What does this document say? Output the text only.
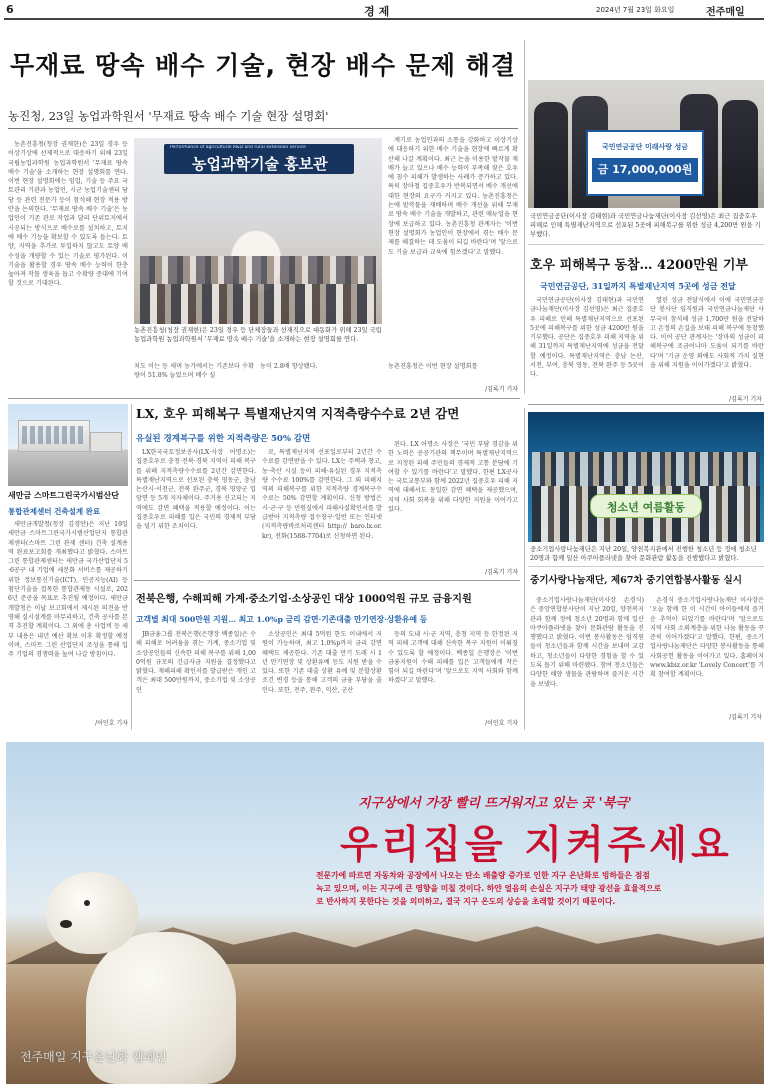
6	경제	2024년 7월 23일 화요일	전주매일
무재료 땅속 배수 기술, 현장 배수 문제 해결
농진청, 23일 농업과학원서 '무재료 땅속 배수 기술 현장 설명회'

농촌진흥청(청장 권재한)은 23일 경우 등 이상기상에 선제적으로 대응하기 위해 23일 국립농업과학원 농업과학원서 '무재료 땅속 배수 기술'을 소개하는 현장 설명회를 연다. 이번 현장 설명회에는 임업, 기술 등 주요 국토관리 기관과 농업인, 시군 농업기술센터 담당 등 관련 전문가 등이 참석해 현장 적용 방안을 논의한다. '무재료 땅속 배수 기술'은 농업인이 기존 관로 작업과 달리 단위토지에서 시공되는 방식으로 배수로를 설치하고, 토지에 배수 기능을 확보할 수 있도록 돕는다. 토양, 지역을 추가로 투입하지 않고도 토양 배수성을 개량할 수 있는 기술로 평가된다. 이 기술을 활용할 경우 땅속 배수 능력이 한층 높아져 작물 생육을 돕고 수확량 증대에 기여할 것으로 기대된다.

Performance of agricultural R&D and rural extension service
농업과학기술 홍보관
농촌진흥청(청장 권재한)은 23일 경우 등 단체장들과 선재직으로 대동화가 위해 23일 국립농업과학원 농업과학원서 '무재료 땅속 배수 기술'을 소개하는 현장 설명회를 연다.

계기로 농업인과의 소통을 강화하고 이상기상에 대응하기 위한 배수 기술을 현장에 빠르게 확산해 나갈 계획이다. 최근 논을 이용한 밭작물 재배가 늘고 있으나 배수 능력이 부족해 잦은 호우에 침수 피해가 발생하는 사례가 증가하고 있다. 특히 장마철 집중호우가 반복되면서 배수 개선에 대한 현장의 요구가 커지고 있다. 농촌진흥청은 논에 밭작물을 재배하며 배수 개선을 위해 무재료 땅속 배수 기술을 개발하고, 관련 매뉴얼을 현장에 보급하고 있다. 농촌진흥청 관계자는 '이번 현장 설명회가 농업인이 현장에서 겪는 배수 문제를 해결하는 데 도움이 되길 바란다'며 '앞으로도 기술 보급과 교육에 힘쓰겠다'고 말했다.

치도 이는 등 새며 농가에서는 기존보다 수확량이 51.8% 늘었으며 배수 실
농이 2.8배 향상됐다.	농촌진흥청은 이번 현장 설명회를
/김록기 기자
국민연금공단 미래사랑 성금
금 17,000,000원
국민연금공단(이사장 김태현)과 국민연금나눔재단(이사장 김선영)은 최근 집중호우 피해로 인해 특별재난지역으로 선포된 5곳에 피해복구를 위한 성금 4,200만 원을 기부했다.
호우 피해복구 동참… 4200만원 기부
국민연금공단, 31일까지 특별재난지역 5곳에 성금 전달

국민연금공단(이사장 김태현)과 국민연금나눔재단(이사장 김선영)은 최근 집중호우 피해로 인해 특별재난지역으로 선포된 5곳에 피해복구를 위한 성금 4200만 원을 기부했다. 공단은 집중호우 피해 지역을 위해 31일까지 특별재난지역에 성금을 전달할 예정이다. 특별재난지역은 충남 논산, 서천, 부여, 충북 영동, 전북 완주 등 5곳이다.

열린 성금 전달식에서 이에 국민연금공단 봉사단 임직원과 국민연금나눔재단 사무국이 참석해 성금 1,700만 원을 전달하고 온정의 손길을 보태 피해 복구에 동참했다. 이어 공단 관계자는 '장마의 성금이 피해복구에 조금이나마 도움이 되기를 바란다'며 '기금 운영 외에도 사회적 가치 실현을 위해 지원을 이어가겠다'고 밝혔다.

/김록기 기자
LX, 호우 피해복구 특별재난지역 지적측량수수료 2년 감면
유실된 경계복구를 위한 지적측량은 50% 감면

LX한국국토정보공사(LX·사장 어명소)는 집중호우로 충청·전북·경북 지역이 피해 복구를 위해 지적측량수수료를 2년간 감면한다. 특별재난지역으로 선포된 충북 영동군, 충남 논산시·서천군, 전북 완주군, 경북 영양군 입암면 등 5개 지자체이다. 주거용 신고되는 지역에도 감면 혜택을 적용할 예정이다. 이는 집중호우로 피해를 입은 국민의 경제적 부담을 덜기 위한 조치이다.

로, 특별재난지역 선포일로부터 2년간 수수료를 감면받을 수 있다. LX는 주택과 창고, 농·축산 시설 등이 피해·유실된 경우 지적측량 수수료 100%를 감면한다. 그 외 피해지역의 피해복구를 위한 지적측량 경계복구수수료는 50% 감면할 계획이다. 신청 방법은 시·군·구 등 민원실에서 피해사실확인서를 발급받아 지적측량 접수창구·일반 또는 인터넷(지적측량바로처리센터 http:// baro.lx.or.kr), 전화(1588-7704)로 신청하면 된다.

된다. LX 어명소 사장은 '국민 부담 경감을 위한 노력은 공공기관의 책무이며 특별재난지역으로 지정된 피해 주민들의 경제적 고통 분담에 기여할 수 있기를 바란다'고 말했다. 한편 LX공사는 국토교통부와 함께 2022년 집중호우 피해 지역에 대해서도 동일한 감면 혜택을 제공했으며, 지역 사회 회복을 위해 다양한 지원을 이어가고 있다.

/김록기 기자
새만금 스마트그린국가시범산단
통합관제센터 건축설계 완료

새만금개발청(청장 김경안)은 지난 19일 새만금 스마트그린국가시범산업단지 통합관제센터(스마트 그린 관제 센터) 건축 설계용역 완료보고회를 개최했다고 밝혔다. 스마트그린 통합관제센터는 새만금 국가산업단지 5·6공구 내 기업에 세분화 서비스를 제공하기 위한 정보통신기술(ICT), 인공지능(AI) 등 첨단기술을 접목한 통합관제동 시설로, 2026년 준공을 목표로 추진될 예정이다. 새만금개발청은 이날 보고회에서 제시된 의견을 반영해 실시설계를 마무리하고, 건축 공사를 본격 추진할 계획이다. 그 외에 총 사업비 등 세부 내용은 내년 예산 확보 이후 확정할 예정이며, 스마트 그린 산업단지 조성을 통해 입주 기업의 경쟁력을 높여 나갈 방침이다.

/이민호 기자
전북은행, 수해피해 가계·중소기업·소상공인 대상 1000억원 규모 금융지원
고객별 최대 500만원 지원… 최고 1.0%p 금리 감면·기존대출 만기연장·상환유예 등

JB금융그룹 전북은행(은행장 백종일)은 수해 피해로 어려움을 겪는 가계, 중소기업 및 소상공인들의 신속한 피해 복구를 위해 1,000억원 규모의 긴급자금 지원을 결정했다고 밝혔다. 재해피해 확인서를 발급받은 개인 고객은 최대 500만원까지, 중소기업 및 소상공인

소상공인은 최대 5억원 한도 이내에서 지원이 가능하며, 최고 1.0%p까지 금리 감면 혜택도 제공한다. 기존 대출 만기 도래 시 1년 만기연장 및 상환유예 등도 지원 받을 수 있다. 또한 기존 대출 상환 유예 및 분할상환 조건 변경 등을 통해 고객의 금융 부담을 줄인다. 또한, 전주, 완주, 익산, 군산

등의 도내 시·군 지역, 충청 지역 등 한정된 지역 피해 고객에 대해 신속한 복구 지원이 이뤄질 수 있도록 할 예정이다. 백종일 은행장은 '이번 금융지원이 수해 피해를 입은 고객들에게 작은 힘이 되길 바란다'며 '앞으로도 지역 사회와 함께 하겠다'고 말했다.

/이민호 기자
청소년 여름활동
중소기업사랑나눔재단은 지난 20일, 양천복지관에서 진행한 청소년 등 정에 청소년 20명과 함께 일산 아쿠아플라넷을 찾아 문화관람 활동을 진행했다고 밝혔다.
중기사랑나눔재단, 제67차 중기연합봉사활동 실시

중소기업사랑나눔재단(이사장 손경식)은 중앙연합봉사단이 지난 20일, 양천복지관과 함께 정에 청소년 20명과 함께 일산 아쿠아플라넷을 찾아 문화관람 활동을 진행했다고 밝혔다. 이번 봉사활동은 임직원들이 청소년들과 함께 시간을 보내며 교감하고, 청소년들이 다양한 경험을 할 수 있도록 돕기 위해 마련됐다. 참여 청소년들은 다양한 해양 생물을 관람하며 즐거운 시간을 보냈다.

손경식 중소기업사랑나눔재단 이사장은 '오늘 함께 한 이 시간이 아이들에게 즐거운 추억이 되었기를 바란다'며 '앞으로도 지역 사회 소외계층을 위한 나눔 활동을 꾸준히 이어가겠다'고 말했다. 한편, 중소기업사랑나눔재단은 다양한 봉사활동을 통해 사회공헌 활동을 이어가고 있다. 홈페이지 www.kbiz.or.kr 'Lovely Concert'를 기획 참여할 계획이다.

/김록기 기자
지구상에서 가장 빨리 뜨거워지고 있는 곳 '북극'
우리집을 지켜주세요
전문가에 따르면 자동차와 공장에서 나오는 탄소 배출량 증가로 인한 지구 온난화로 빙하들은 점점
녹고 있으며, 이는 지구에 큰 영향을 미칠 것이다. 하얀 얼음의 손실은 지구가 태양 광선을 효율적으로
로 반사하지 못한다는 것을 의미하고, 결국 지구 온도의 상승을 초래할 것이기 때문이다.
전주매일 지구온난화 캠페인
